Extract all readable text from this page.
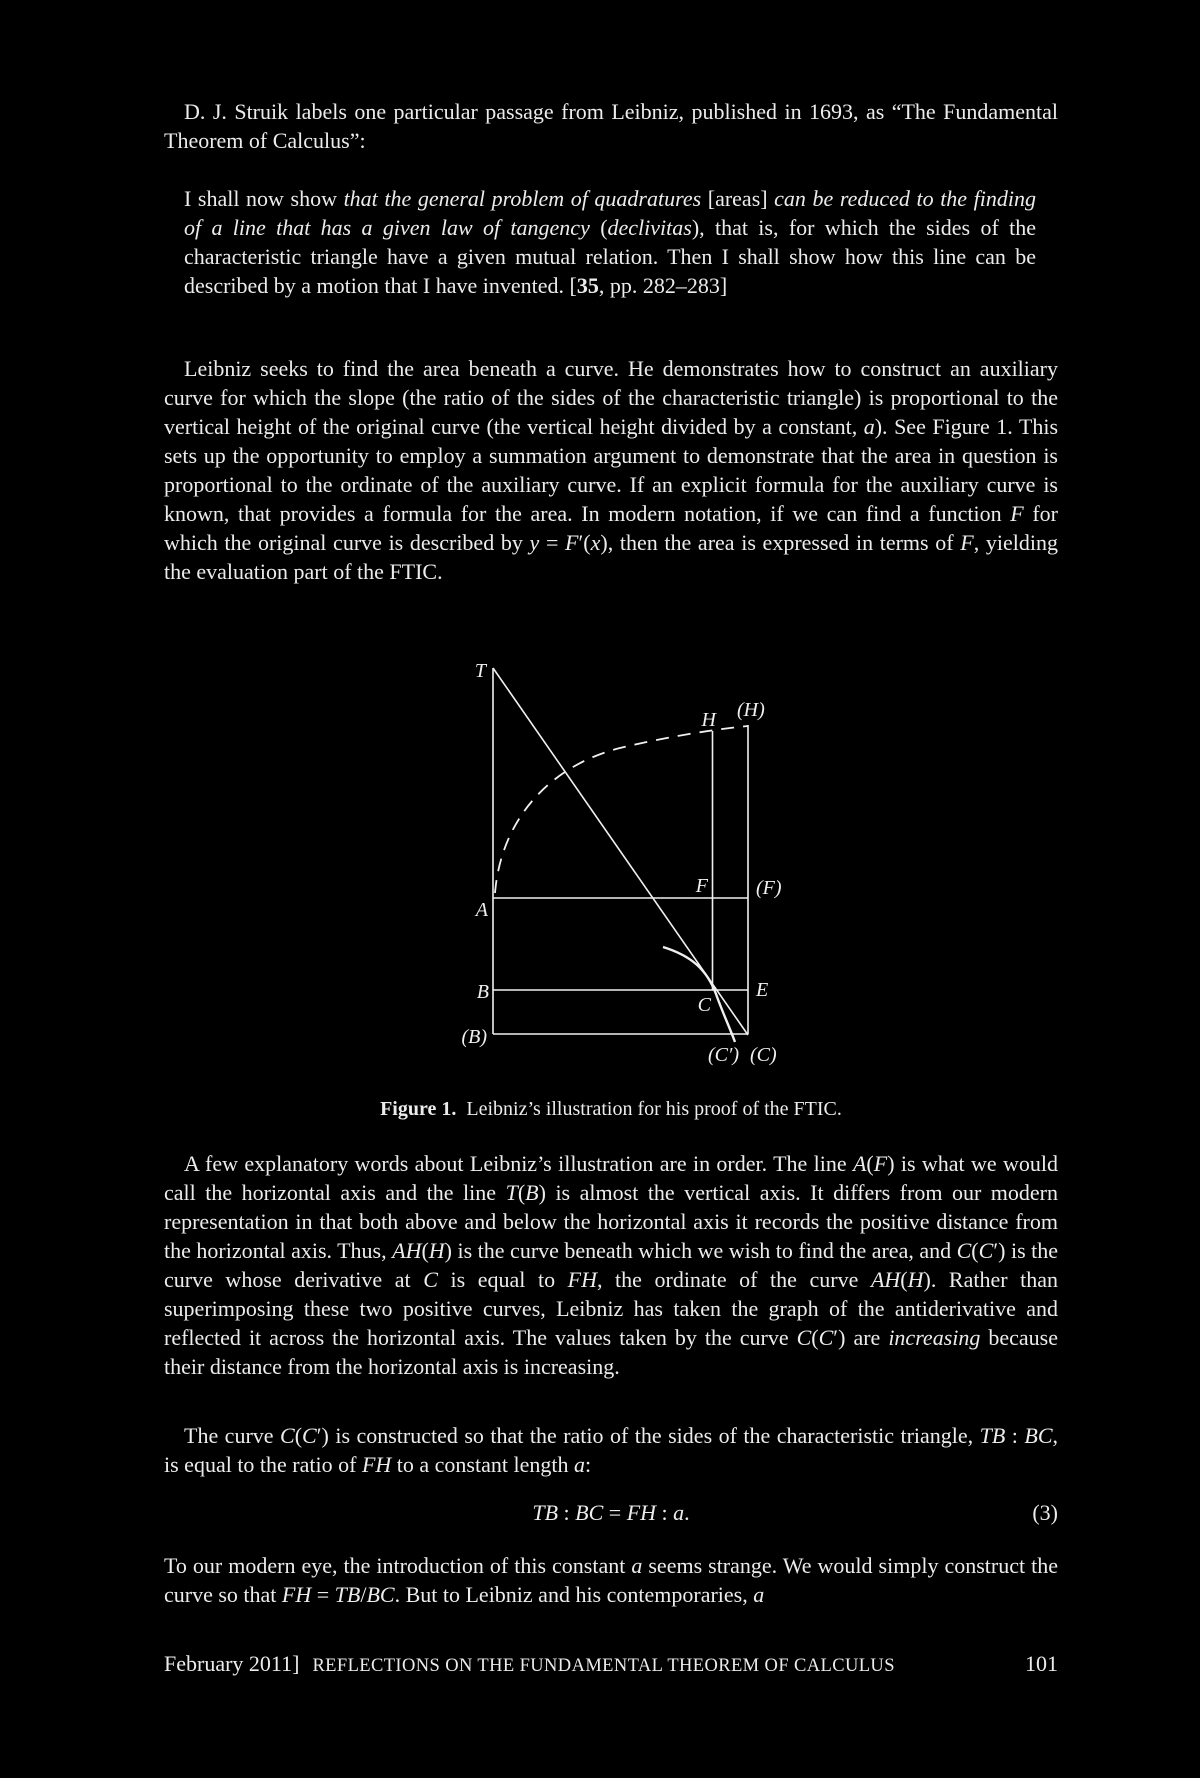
D. J. Struik labels one particular passage from Leibniz, published in 1693, as “The Fundamental Theorem of Calculus”:

I shall now show that the general problem of quadratures [areas] can be reduced to the finding of a line that has a given law of tangency (declivitas), that is, for which the sides of the characteristic triangle have a given mutual relation. Then I shall show how this line can be described by a motion that I have invented. [35, pp. 282–283]

Leibniz seeks to find the area beneath a curve. He demonstrates how to construct an auxiliary curve for which the slope (the ratio of the sides of the characteristic triangle) is proportional to the vertical height of the original curve (the vertical height divided by a constant, a). See Figure 1. This sets up the opportunity to employ a summation argument to demonstrate that the area in question is proportional to the ordinate of the auxiliary curve. If an explicit formula for the auxiliary curve is known, that provides a formula for the area. In modern notation, if we can find a function F for which the original curve is described by y = F′(x), then the area is expressed in terms of F, yielding the evaluation part of the FTIC.

T
H (H)
A
F (F)
B	E
C
(B)
(C′) (C)
Figure 1.  Leibniz’s illustration for his proof of the FTIC.

A few explanatory words about Leibniz’s illustration are in order. The line A(F) is what we would call the horizontal axis and the line T(B) is almost the vertical axis. It differs from our modern representation in that both above and below the horizontal axis it records the positive distance from the horizontal axis. Thus, AH(H) is the curve beneath which we wish to find the area, and C(C′) is the curve whose derivative at C is equal to FH, the ordinate of the curve AH(H). Rather than superimposing these two positive curves, Leibniz has taken the graph of the antiderivative and reflected it across the horizontal axis. The values taken by the curve C(C′) are increasing because their distance from the horizontal axis is increasing.

The curve C(C′) is constructed so that the ratio of the sides of the characteristic triangle, TB : BC, is equal to the ratio of FH to a constant length a:

TB : BC = FH : a.	(3)

To our modern eye, the introduction of this constant a seems strange. We would simply construct the curve so that FH = TB/BC. But to Leibniz and his contemporaries, a

February 2011] REFLECTIONS ON THE FUNDAMENTAL THEOREM OF CALCULUS	101
